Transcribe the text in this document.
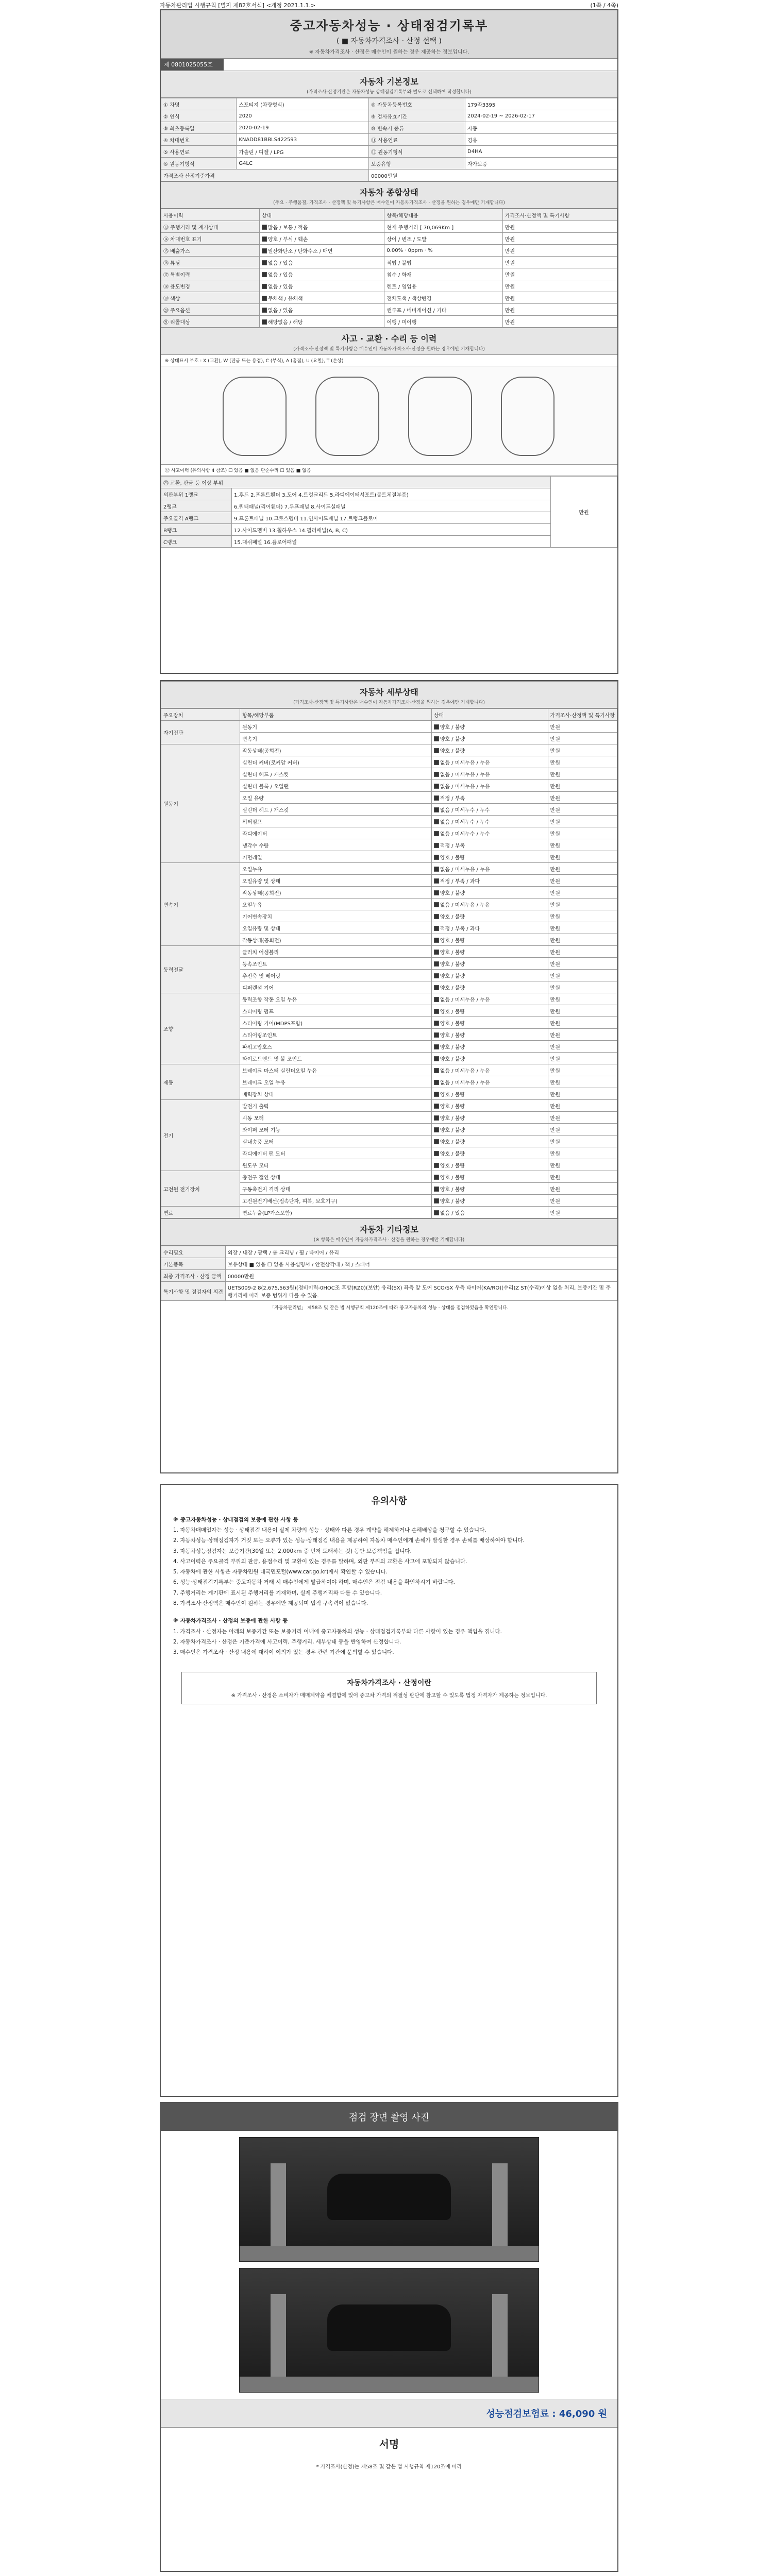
자동차관리법 시행규칙 [별지 제82호서식] <개정 2021.1.1.>	(1쪽 / 4쪽)
중고자동차성능 · 상태점검기록부
( ■ 자동차가격조사 · 산정 선택 )
※ 자동차가격조사 · 산정은 매수인이 원하는 경우 제공하는 정보입니다.
제 0801025055호
자동차 기본정보
(가격조사·산정기관은 자동차성능·상태점검기록부와 별도로 선택하여 작성합니다)
① 차명	스포티지 (차량형식)	⑧ 자동차등록번호	179라3395
② 연식	2020	⑨ 검사유효기간	2024-02-19 ~ 2026-02-17
③ 최초등록일	2020-02-19	⑩ 변속기 종류	자동
④ 차대번호	KNADD81BBLS422593	⑪ 사용연료	경유
⑤ 사용연료	가솔린 / 디젤 / LPG	⑫ 원동기형식	D4HA
⑥ 원동기형식	G4LC	보증유형	자가보증
가격조사 산정기준가격		00000만원	
자동차 종합상태
(주요 · 주행품질, 가격조사 · 산정액 및 특기사항은 매수인이 자동차가격조사 · 산정을 원하는 경우에만 기재합니다)
사용이력	상태	항목/해당내용	가격조사·산정액 및 특기사항
⑬ 주행거리 및 계기상태	많음 / 보통 / 적음	현재 주행거리 [ 70,069Km ]	만원
⑭ 차대번호 표기	양호 / 부식 / 훼손	상이 / 변조 / 도말	만원
⑮ 배출가스	일산화탄소 / 탄화수소 / 매연	0.00% · 0ppm · %	만원
⑯ 튜닝	없음 / 있음	적법 / 불법	만원
⑰ 특별이력	없음 / 있음	침수 / 화재	만원
⑱ 용도변경	없음 / 있음	렌트 / 영업용	만원
⑲ 색상	무채색 / 유채색	전체도색 / 색상변경	만원
⑳ 주요옵션	없음 / 있음	썬루프 / 네비게이션 / 기타	만원
㉑ 리콜대상	해당없음 / 해당	이행 / 미이행	만원
사고 · 교환 · 수리 등 이력
(가격조사·산정액 및 특기사항은 매수인이 자동차가격조사·산정을 원하는 경우에만 기재합니다)
※ 상태표시 부호 : X (교환), W (판금 또는 용접), C (부식), A (흠집), U (요철), T (손상)
㉒ 사고이력 (유의사항 4 참조) ☐ 있음 ■ 없음 단순수리 ☐ 있음 ■ 없음
㉓ 교환, 판금 등 이상 부위		만원
외판부위 1랭크	1.후드 2.프론트휀더 3.도어 4.트렁크리드 5.라디에이터서포트(볼트체결부품)	
2랭크	6.쿼터패널(리어휀더) 7.루프패널 8.사이드실패널	
주요골격 A랭크	9.프론트패널 10.크로스멤버 11.인사이드패널 17.트렁크플로어	
B랭크	12.사이드멤버 13.휠하우스 14.필러패널(A, B, C)	
C랭크	15.대쉬패널 16.플로어패널	
자동차 세부상태
(가격조사·산정액 및 특기사항은 매수인이 자동차가격조사·산정을 원하는 경우에만 기재합니다)
주요장치	항목/해당부품	상태	가격조사·산정액 및 특기사항
자기진단	원동기	양호 / 불량	만원
	변속기	양호 / 불량	만원
원동기	작동상태(공회전)	양호 / 불량	만원
	실린더 커버(로커암 커버)	없음 / 미세누유 / 누유	만원
	실린더 헤드 / 개스킷	없음 / 미세누유 / 누유	만원
	실린더 블록 / 오일팬	없음 / 미세누유 / 누유	만원
	오일 유량	적정 / 부족	만원
	실린더 헤드 / 개스킷	없음 / 미세누수 / 누수	만원
	워터펌프	없음 / 미세누수 / 누수	만원
	라디에이터	없음 / 미세누수 / 누수	만원
	냉각수 수량	적정 / 부족	만원
	커먼레일	양호 / 불량	만원
변속기	오일누유	없음 / 미세누유 / 누유	만원
	오일유량 및 상태	적정 / 부족 / 과다	만원
	작동상태(공회전)	양호 / 불량	만원
	오일누유	없음 / 미세누유 / 누유	만원
	기어변속장치	양호 / 불량	만원
	오일유량 및 상태	적정 / 부족 / 과다	만원
	작동상태(공회전)	양호 / 불량	만원
동력전달	클러치 어셈블리	양호 / 불량	만원
	등속조인트	양호 / 불량	만원
	추진축 및 베어링	양호 / 불량	만원
	디퍼렌셜 기어	양호 / 불량	만원
조향	동력조향 작동 오일 누유	없음 / 미세누유 / 누유	만원
	스티어링 펌프	양호 / 불량	만원
	스티어링 기어(MDPS포함)	양호 / 불량	만원
	스티어링조인트	양호 / 불량	만원
	파워고압호스	양호 / 불량	만원
	타이로드엔드 및 볼 조인트	양호 / 불량	만원
제동	브레이크 마스터 실린더오일 누유	없음 / 미세누유 / 누유	만원
	브레이크 오일 누유	없음 / 미세누유 / 누유	만원
	배력장치 상태	양호 / 불량	만원
전기	발전기 출력	양호 / 불량	만원
	시동 모터	양호 / 불량	만원
	와이퍼 모터 기능	양호 / 불량	만원
	실내송풍 모터	양호 / 불량	만원
	라디에이터 팬 모터	양호 / 불량	만원
	윈도우 모터	양호 / 불량	만원
고전원 전기장치	충전구 절연 상태	양호 / 불량	만원
	구동축전지 격리 상태	양호 / 불량	만원
	고전원전기배선(접속단자, 피복, 보호기구)	양호 / 불량	만원
연료	연료누출(LP가스포함)	없음 / 있음	만원
자동차 기타정보
(※ 항목은 매수인이 자동차가격조사 · 산정을 원하는 경우에만 기재합니다)
수리필요	외장 / 내장 / 광택 / 룸 크리닝 / 휠 / 타이어 / 유리
기본품목	보유상태 ■ 있음 ☐ 없음 사용설명서 / 안전삼각대 / 잭 / 스패너
최종 가격조사 · 산정 금액	00000만원
특기사항 및 점검자의 의견	UETS009-2 8(2,675,563원)(정비이력-0HOC조 후방(RZ0)(보안) 유리(SX) 좌측 앞 도어 SCO/SX 우측 타이어(KA/RO)(수리)Z ST(수리)이상 없음 처리, 보증기간 및 주행거리에 따라 보증 범위가 다를 수 있음.
「자동차관리법」 제58조 및 같은 법 시행규칙 제120조에 따라 중고자동차의 성능 · 상태를 점검하였음을 확인합니다.
유의사항

※ 중고자동차성능 · 상태점검의 보증에 관한 사항 등

1. 자동차매매업자는 성능 · 상태점검 내용이 실제 차량의 성능 · 상태와 다른 경우 계약을 해제하거나 손해배상을 청구할 수 있습니다.

2. 자동차성능·상태점검자가 거짓 또는 오류가 있는 성능·상태점검 내용을 제공하여 자동차 매수인에게 손해가 발생한 경우 손해를 배상하여야 합니다.

3. 자동차성능점검자는 보증기간(30일 또는 2,000km 중 먼저 도래하는 것) 동안 보증책임을 집니다.

4. 사고이력은 주요골격 부위의 판금, 용접수리 및 교환이 있는 경우를 말하며, 외판 부위의 교환은 사고에 포함되지 않습니다.

5. 자동차에 관한 사항은 자동차민원 대국민포털(www.car.go.kr)에서 확인할 수 있습니다.

6. 성능·상태점검기록부는 중고자동차 거래 시 매수인에게 발급하여야 하며, 매수인은 점검 내용을 확인하시기 바랍니다.

7. 주행거리는 계기판에 표시된 주행거리를 기재하며, 실제 주행거리와 다를 수 있습니다.

8. 가격조사·산정액은 매수인이 원하는 경우에만 제공되며 법적 구속력이 없습니다.

※ 자동차가격조사 · 산정의 보증에 관한 사항 등

1. 가격조사 · 산정자는 아래의 보증기간 또는 보증거리 이내에 중고자동차의 성능 · 상태점검기록부와 다른 사항이 있는 경우 책임을 집니다.

2. 자동차가격조사 · 산정은 기준가격에 사고이력, 주행거리, 세부상태 등을 반영하여 산정합니다.

3. 매수인은 가격조사 · 산정 내용에 대하여 이의가 있는 경우 관련 기관에 문의할 수 있습니다.

자동차가격조사 · 산정이란
※ 가격조사 · 산정은 소비자가 매매계약을 체결함에 있어 중고차 가격의 적절성 판단에 참고할 수 있도록 법정 자격자가 제공하는 정보입니다.
점검 장면 촬영 사진
성능점검보험료 : 46,090 원
서명
* 가격조사(산정)는 제58조 및 같은 법 시행규칙 제120조에 따라
